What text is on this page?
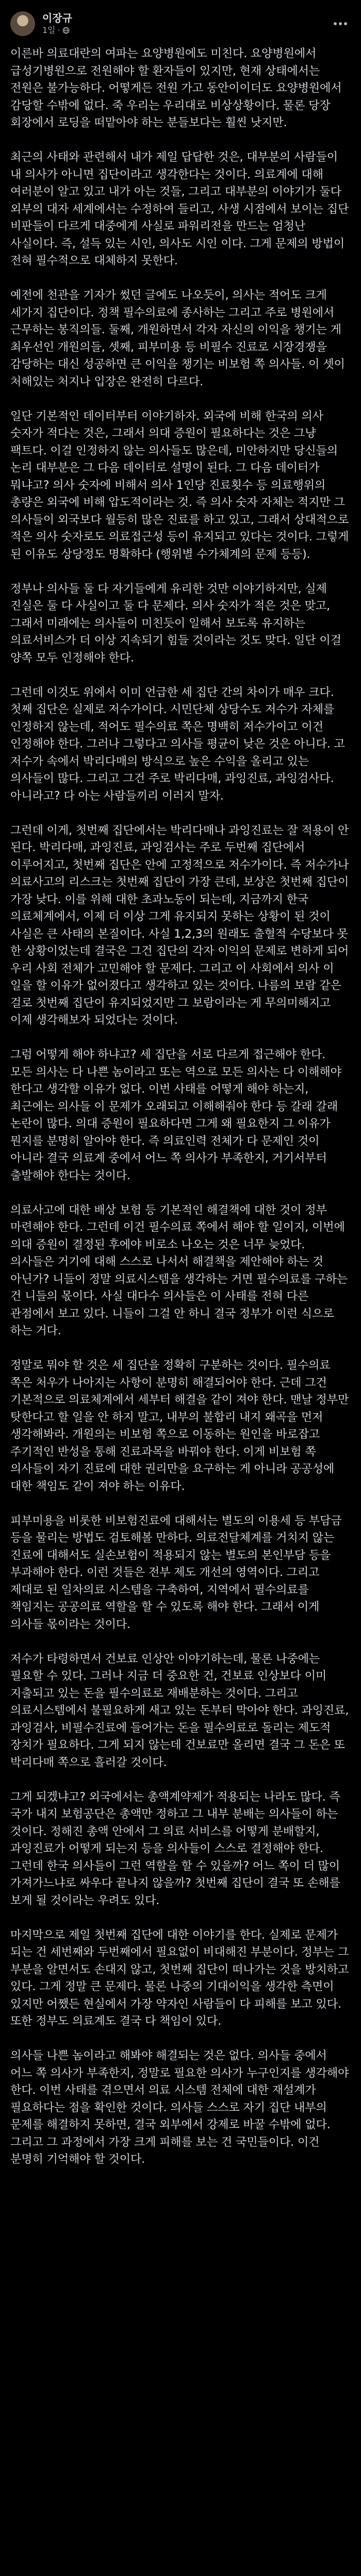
이장규
1일 ·

이른바 의료대란의 여파는 요양병원에도 미친다. 요양병원에서 급성기병원으로 전원해야 할 환자들이 있지만, 현재 상태에서는 전원은 불가능하다. 어떻게든 전원 가고 동안이이더도 요양병원에서 감당할 수밖에 없다. 죽 우리는 우리대로 비상상황이다. 물론 당장 회장에서 로딩을 떠맡아야 하는 분들보다는 훨씬 낫지만.

최근의 사태와 관련해서 내가 제일 답답한 것은, 대부분의 사람들이 내 의사가 아니면 집단이라고 생각한다는 것이다. 의료계에 대해 여러분이 알고 있고 내가 아는 것들, 그리고 대부분의 이야기가 둘다 외부의 대자 세계에서는 수정하여 들리고, 사생 시점에서 보이는 집단 비판들이 다르게 대중에게 사실로 파워리전을 만드는 엄청난 사실이다. 즉, 설득 있는 시인, 의사도 시인 이다. 그게 문제의 방법이 전혀 필수적으로 대체하지 못한다.

예전에 천관을 기자가 썼던 글에도 나오듯이, 의사는 적어도 크게 세가지 집단이다. 정책 필수의료에 종사하는 그리고 주로 병원에서 근무하는 봉직의들. 둘째, 개원하면서 각자 자신의 이익을 챙기는 게 최우선인 개원의들, 셋째, 피부미용 등 비필수 진료로 시장경쟁을 감당하는 대신 성공하면 큰 이익을 챙기는 비보험 쪽 의사들. 이 셋이 처해있는 처지나 입장은 완전히 다르다.

일단 기본적인 데이터부터 이야기하자. 외국에 비해 한국의 의사 숫자가 적다는 것은, 그래서 의대 증원이 필요하다는 것은 그냥 팩트다. 이걸 인정하지 않는 의사들도 많은데, 미안하지만 당신들의 논리 대부분은 그 다음 데이터로 설명이 된다. 그 다음 데이터가 뭐냐고? 의사 숫자에 비해서 의사 1인당 진료횟수 등 의료행위의 총량은 외국에 비해 압도적이라는 것. 즉 의사 숫자 자체는 적지만 그 의사들이 외국보다 월등히 많은 진료를 하고 있고, 그래서 상대적으로 적은 의사 숫자로도 의료접근성 등이 유지되고 있다는 것이다. 그렇게 된 이유도 상당정도 명확하다 (행위별 수가체계의 문제 등등).

정부나 의사들 둘 다 자기들에게 유리한 것만 이야기하지만, 실제 진실은 둘 다 사실이고 둘 다 문제다. 의사 숫자가 적은 것은 맞고, 그래서 미래에는 의사들이 미친듯이 일해서 보도록 유지하는 의료서비스가 더 이상 지속되기 힘들 것이라는 것도 맞다. 일단 이걸 양쪽 모두 인정해야 한다.

그런데 이것도 위에서 이미 언급한 세 집단 간의 차이가 매우 크다. 첫째 집단은 실제로 저수가이다. 시민단체 상당수도 저수가 자체를 인정하지 않는데, 적어도 필수의료 쪽은 명백히 저수가이고 이건 인정해야 한다. 그러나 그렇다고 의사들 평균이 낮은 것은 아니다. 고 저수가 속에서 박리다매의 방식으로 높은 수익을 올리고 있는 의사들이 많다. 그리고 그건 주로 박리다매, 과잉진료, 과잉검사다. 아니라고? 다 아는 사람들끼리 이러지 말자.

그런데 이게, 첫번째 집단에서는 박리다매나 과잉진료는 잘 적용이 안 된다. 박리다매, 과잉진료, 과잉검사는 주로 두번째 집단에서 이루어지고, 첫번째 집단은 안에 고정적으로 저수가이다. 즉 저수가나 의료사고의 리스크는 첫번째 집단이 가장 큰데, 보상은 첫번째 집단이 가장 낮다. 이를 위해 대한 초과노동이 되는데, 지금까지 한국 의료체계에서, 이제 더 이상 그게 유지되지 못하는 상황이 된 것이 사실은 큰 사태의 본질이다. 사실 1,2,3의 원래도 출혈적 수당보다 못 한 상황이었는데 결국은 그건 집단의 각자 이익의 문제로 변하게 되어 우리 사회 전체가 고민해야 할 문제다. 그리고 이 사회에서 의사 이 일을 할 이유가 없어졌다고 생각하고 있는 것이다. 나름의 보람 같은 걸로 첫번째 집단이 유지되었지만 그 보람이라는 게 무의미해지고 이제 생각해보자 되었다는 것이다.

그럼 어떻게 해야 하냐고? 세 집단을 서로 다르게 접근해야 한다. 모든 의사는 다 나쁜 놈이라고 또는 역으로 모든 의사는 다 이해해야 한다고 생각할 이유가 없다. 이번 사태를 어떻게 해야 하는지, 최근에는 의사들 이 문제가 오래되고 이해해줘야 한다 등 갈래 갈래 논란이 많다. 의대 증원이 필요하다면 그게 왜 필요한지 그 이유가 뭔지를 분명히 알아야 한다. 즉 의료인력 전체가 다 문제인 것이 아니라 결국 의료계 중에서 어느 쪽 의사가 부족한지, 거기서부터 출발해야 한다는 것이다.

의료사고에 대한 배상 보험 등 기본적인 해결책에 대한 것이 정부 마련해야 한다. 그런데 이건 필수의료 쪽에서 해야 할 일이지, 이번에 의대 증원이 결정된 후에야 비로소 나오는 것은 너무 늦었다. 의사들은 거기에 대해 스스로 나서서 해결책을 제안해야 하는 것 아닌가? 니들이 정말 의료시스템을 생각하는 거면 필수의료를 구하는 건 니들의 몫이다. 사실 대다수 의사들은 이 사태를 전혀 다른 관점에서 보고 있다. 니들이 그걸 안 하니 결국 정부가 이런 식으로 하는 거다.

정말로 뭐야 할 것은 세 집단을 정확히 구분하는 것이다. 필수의료 쪽은 처우가 나아지는 사항이 분명히 해결되어야 한다. 근데 그건 기본적으로 의료체계에서 세부터 해결을 같이 져야 한다. 맨날 정부만 탓한다고 할 일을 안 하지 말고, 내부의 불합리 내지 왜곡을 먼저 생각해봐라. 개원의는 비보험 쪽으로 이동하는 원인을 바로잡고 주기적인 반성을 통해 진료과목을 바꿔야 한다. 이게 비보험 쪽 의사들이 자기 진료에 대한 권리만을 요구하는 게 아니라 공공성에 대한 책임도 같이 져야 하는 이유다.

피부미용을 비롯한 비보험진료에 대해서는 별도의 이용세 등 부담금 등을 물리는 방법도 검토해볼 만하다. 의료전달체계를 거치지 않는 진료에 대해서도 실손보험이 적용되지 않는 별도의 본인부담 등을 부과해야 한다. 이런 것들은 전부 제도 개선의 영역이다. 그리고 제대로 된 일차의료 시스템을 구축하여, 지역에서 필수의료를 책임지는 공공의료 역할을 할 수 있도록 해야 한다. 그래서 이게 의사들 몫이라는 것이다.

저수가 타령하면서 건보료 인상안 이야기하는데, 물론 나중에는 필요할 수 있다. 그러나 지금 더 중요한 건, 건보료 인상보다 이미 지출되고 있는 돈을 필수의료로 재배분하는 것이다. 그리고 의료시스템에서 불필요하게 새고 있는 돈부터 막아야 한다. 과잉진료, 과잉검사, 비필수진료에 들어가는 돈을 필수의료로 돌리는 제도적 장치가 필요하다. 그게 되지 않는데 건보료만 올리면 결국 그 돈은 또 박리다매 쪽으로 흘러갈 것이다.

그게 되겠냐고? 외국에서는 총액계약제가 적용되는 나라도 많다. 즉 국가 내지 보험공단은 총액만 정하고 그 내부 분배는 의사들이 하는 것이다. 정해진 총액 안에서 그 의료 서비스를 어떻게 분배할지, 과잉진료가 어떻게 되는지 등을 의사들이 스스로 결정해야 한다. 그런데 한국 의사들이 그런 역할을 할 수 있을까? 어느 쪽이 더 많이 가져가느냐로 싸우다 끝나지 않을까? 첫번째 집단이 결국 또 손해를 보게 될 것이라는 우려도 있다.

마지막으로 제일 첫번째 집단에 대한 이야기를 한다. 실제로 문제가 되는 건 세번째와 두번째에서 필요없이 비대해진 부분이다. 정부는 그 부분을 알면서도 손대지 않고, 첫번째 집단이 떠나가는 것을 방치하고 있다. 그게 정말 큰 문제다. 물론 나중의 기대이익을 생각한 측면이 있지만 어쨌든 현실에서 가장 약자인 사람들이 다 피해를 보고 있다. 또한 정부도 의료계도 결국 다 책임이 있다.

의사들 나쁜 놈이라고 해봐야 해결되는 것은 없다. 의사들 중에서 어느 쪽 의사가 부족한지, 정말로 필요한 의사가 누구인지를 생각해야 한다. 이번 사태를 겪으면서 의료 시스템 전체에 대한 재설계가 필요하다는 점을 확인한 것이다. 의사들 스스로 자기 집단 내부의 문제를 해결하지 못하면, 결국 외부에서 강제로 바꿀 수밖에 없다. 그리고 그 과정에서 가장 크게 피해를 보는 건 국민들이다. 이건 분명히 기억해야 할 것이다.
